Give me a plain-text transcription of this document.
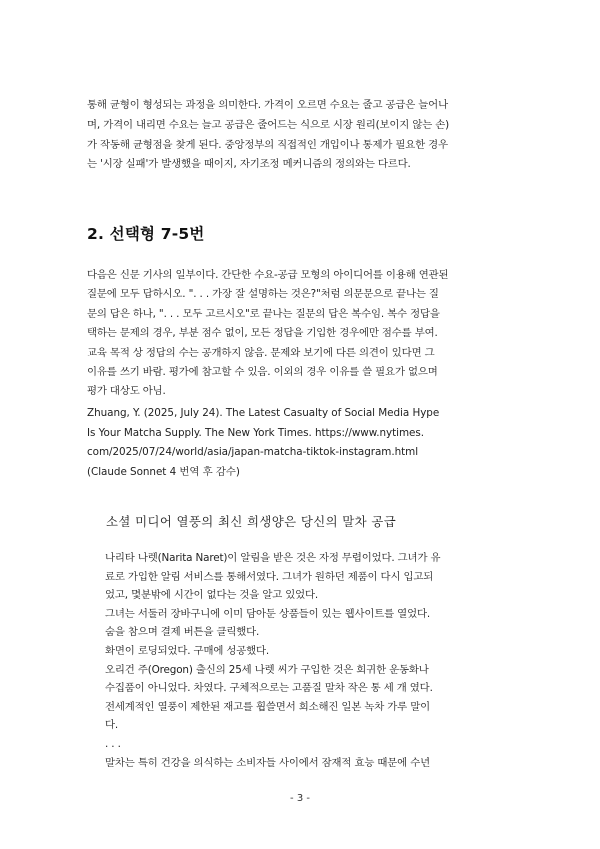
통해 균형이 형성되는 과정을 의미한다. 가격이 오르면 수요는 줄고 공급은 늘어나
며, 가격이 내리면 수요는 늘고 공급은 줄어드는 식으로 시장 원리(보이지 않는 손)
가 작동해 균형점을 찾게 된다. 중앙정부의 직접적인 개입이나 통제가 필요한 경우
는 '시장 실패'가 발생했을 때이지, 자기조정 메커니즘의 정의와는 다르다.
2. 선택형 7-5번
다음은 신문 기사의 일부이다. 간단한 수요-공급 모형의 아이디어를 이용해 연관된
질문에 모두 답하시오. ". . . 가장 잘 설명하는 것은?"처럼 의문문으로 끝나는 질
문의 답은 하나, ". . . 모두 고르시오"로 끝나는 질문의 답은 복수임. 복수 정답을
택하는 문제의 경우, 부분 점수 없이, 모든 정답을 기입한 경우에만 점수를 부여.
교육 목적 상 정답의 수는 공개하지 않음. 문제와 보기에 다른 의견이 있다면 그
이유를 쓰기 바람. 평가에 참고할 수 있음. 이외의 경우 이유를 쓸 필요가 없으며
평가 대상도 아님.
Zhuang, Y. (2025, July 24). The Latest Casualty of Social Media Hype
Is Your Matcha Supply. The New York Times. https://www.nytimes.
com/2025/07/24/world/asia/japan-matcha-tiktok-instagram.html
(Claude Sonnet 4 번역 후 감수)
소셜 미디어 열풍의 최신 희생양은 당신의 말차 공급
나리타 나렛(Narita Naret)이 알림을 받은 것은 자정 무렵이었다. 그녀가 유
료로 가입한 알림 서비스를 통해서였다. 그녀가 원하던 제품이 다시 입고되
었고, 몇분밖에 시간이 없다는 것을 알고 있었다.
그녀는 서둘러 장바구니에 이미 담아둔 상품들이 있는 웹사이트를 열었다.
숨을 참으며 결제 버튼을 클릭했다.
화면이 로딩되었다. 구매에 성공했다.
오리건 주(Oregon) 출신의 25세 나렛 씨가 구입한 것은 희귀한 운동화나
수집품이 아니었다. 차였다. 구체적으로는 고품질 말차 작은 통 세 개 였다.
전세계적인 열풍이 제한된 재고를 휩쓸면서 희소해진 일본 녹차 가루 말이
다.
. . .
말차는 특히 건강을 의식하는 소비자들 사이에서 잠재적 효능 때문에 수년
- 3 -
